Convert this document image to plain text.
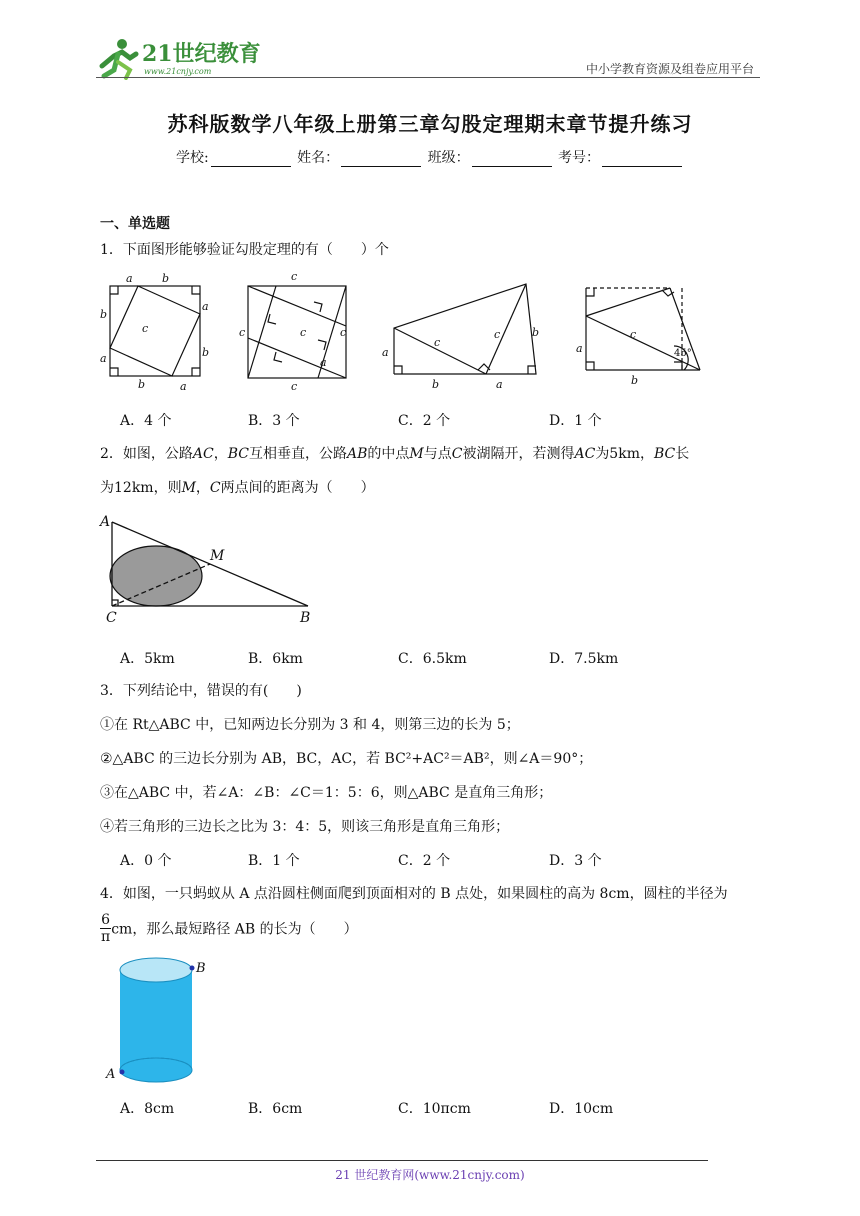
21世纪教育
www.21cnjy.com	中小学教育资源及组卷应用平台
苏科版数学八年级上册第三章勾股定理期末章节提升练习
学校:	姓名：	班级：	考号：
一、单选题
1．下面图形能够验证勾股定理的有（　　）个
a	b
a
b
c
a	b
b	a
c
c	c
c
a
c
a
c
c	b
b	a
a
c
b
45°
A．4 个	B．3 个	C．2 个	D．1 个
2．如图，公路AC，BC互相垂直，公路AB的中点M与点C被湖隔开，若测得AC为5km，BC长
为12km，则M，C两点间的距离为（　　）
A
C	B
M
A．5km	B．6km	C．6.5km	D．7.5km
3．下列结论中，错误的有(　　)
①在 Rt△ABC 中，已知两边长分别为 3 和 4，则第三边的长为 5；
②△ABC 的三边长分别为 AB，BC，AC，若 BC²+AC²＝AB²，则∠A＝90°；
③在△ABC 中，若∠A：∠B：∠C＝1：5：6，则△ABC 是直角三角形；
④若三角形的三边长之比为 3：4：5，则该三角形是直角三角形；
A．0 个	B．1 个	C．2 个	D．3 个
4．如图，一只蚂蚁从 A 点沿圆柱侧面爬到顶面相对的 B 点处，如果圆柱的高为 8cm，圆柱的半径为
$\frac{6}{\pi}$ cm，那么最短路径 AB 的长为（　　）
B
A
A．8cm	B．6cm	C．10πcm	D．10cm
21 世纪教育网(www.21cnjy.com)
